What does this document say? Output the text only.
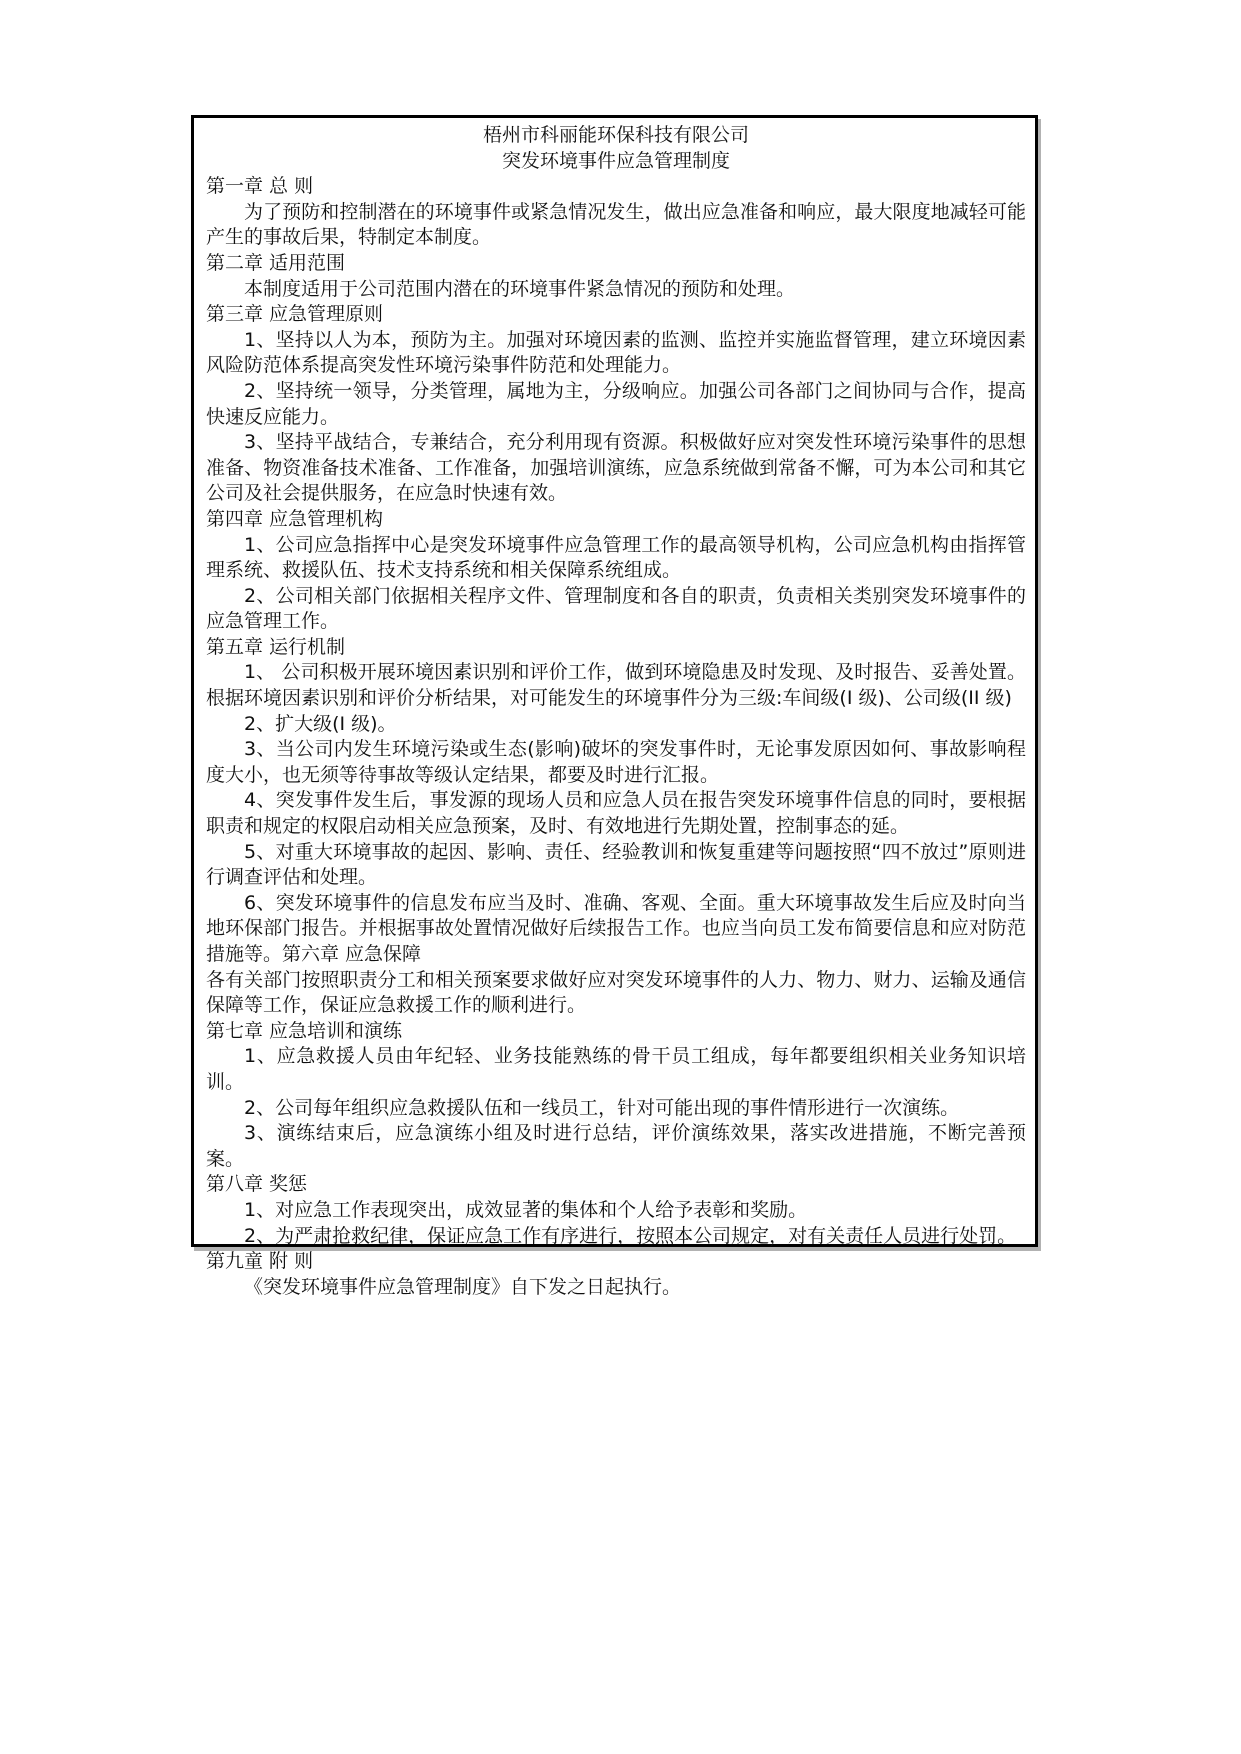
梧州市科丽能环保科技有限公司
突发环境事件应急管理制度
第一章 总 则
为了预防和控制潜在的环境事件或紧急情况发生，做出应急准备和响应，最大限度地减轻可能产生的事故后果，特制定本制度。
第二章 适用范围
本制度适用于公司范围内潜在的环境事件紧急情况的预防和处理。
第三章 应急管理原则
1、坚持以人为本，预防为主。加强对环境因素的监测、监控并实施监督管理，建立环境因素风险防范体系提高突发性环境污染事件防范和处理能力。
2、坚持统一领导，分类管理，属地为主，分级响应。加强公司各部门之间协同与合作，提高快速反应能力。
3、坚持平战结合，专兼结合，充分利用现有资源。积极做好应对突发性环境污染事件的思想准备、物资准备技术准备、工作准备，加强培训演练，应急系统做到常备不懈，可为本公司和其它公司及社会提供服务，在应急时快速有效。
第四章 应急管理机构
1、公司应急指挥中心是突发环境事件应急管理工作的最高领导机构，公司应急机构由指挥管理系统、救援队伍、技术支持系统和相关保障系统组成。
2、公司相关部门依据相关程序文件、管理制度和各自的职责，负责相关类别突发环境事件的应急管理工作。
第五章 运行机制
1、 公司积极开展环境因素识别和评价工作，做到环境隐患及时发现、及时报告、妥善处置。根据环境因素识别和评价分析结果，对可能发生的环境事件分为三级:车间级(I 级)、公司级(II 级)
2、扩大级(I 级)。
3、当公司内发生环境污染或生态(影响)破坏的突发事件时，无论事发原因如何、事故影响程度大小，也无须等待事故等级认定结果，都要及时进行汇报。
4、突发事件发生后，事发源的现场人员和应急人员在报告突发环境事件信息的同时，要根据职责和规定的权限启动相关应急预案，及时、有效地进行先期处置，控制事态的延。
5、对重大环境事故的起因、影响、责任、经验教训和恢复重建等问题按照“四不放过”原则进行调查评估和处理。
6、突发环境事件的信息发布应当及时、准确、客观、全面。重大环境事故发生后应及时向当地环保部门报告。并根据事故处置情况做好后续报告工作。也应当向员工发布简要信息和应对防范措施等。第六章 应急保障
各有关部门按照职责分工和相关预案要求做好应对突发环境事件的人力、物力、财力、运输及通信保障等工作，保证应急救援工作的顺利进行。
第七章 应急培训和演练
1、应急救援人员由年纪轻、业务技能熟练的骨干员工组成，每年都要组织相关业务知识培训。
2、公司每年组织应急救援队伍和一线员工，针对可能出现的事件情形进行一次演练。
3、演练结束后，应急演练小组及时进行总结，评价演练效果，落实改进措施，不断完善预案。
第八章 奖惩
1、对应急工作表现突出，成效显著的集体和个人给予表彰和奖励。
2、为严肃抢救纪律，保证应急工作有序进行，按照本公司规定，对有关责任人员进行处罚。
第九童 附 则
《突发环境事件应急管理制度》自下发之日起执行。
